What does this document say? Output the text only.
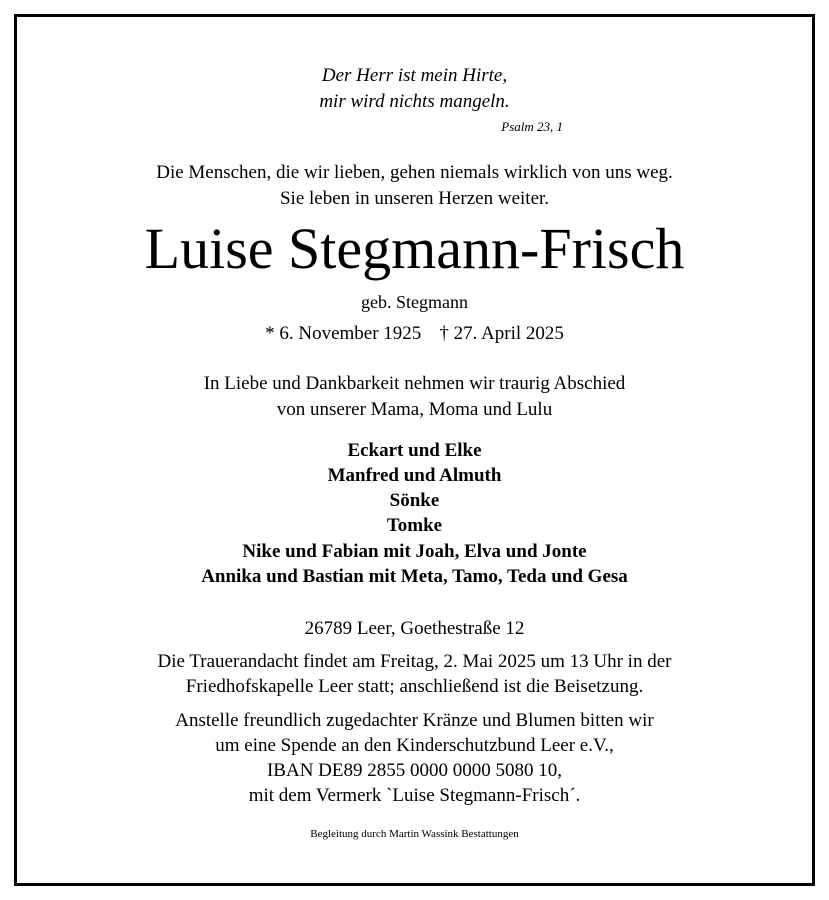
Der Herr ist mein Hirte,
mir wird nichts mangeln.
Psalm 23, 1
Die Menschen, die wir lieben, gehen niemals wirklich von uns weg.
Sie leben in unseren Herzen weiter.
Luise Stegmann-Frisch
geb. Stegmann
* 6. November 1925 † 27. April 2025
In Liebe und Dankbarkeit nehmen wir traurig Abschied
von unserer Mama, Moma und Lulu
Eckart und Elke
Manfred und Almuth
Sönke
Tomke
Nike und Fabian mit Joah, Elva und Jonte
Annika und Bastian mit Meta, Tamo, Teda und Gesa
26789 Leer, Goethestraße 12
Die Trauerandacht findet am Freitag, 2. Mai 2025 um 13 Uhr in der
Friedhofskapelle Leer statt; anschließend ist die Beisetzung.
Anstelle freundlich zugedachter Kränze und Blumen bitten wir
um eine Spende an den Kinderschutzbund Leer e.V.,
IBAN DE89 2855 0000 0000 5080 10,
mit dem Vermerk `Luise Stegmann-Frisch´.
Begleitung durch Martin Wassink Bestattungen
